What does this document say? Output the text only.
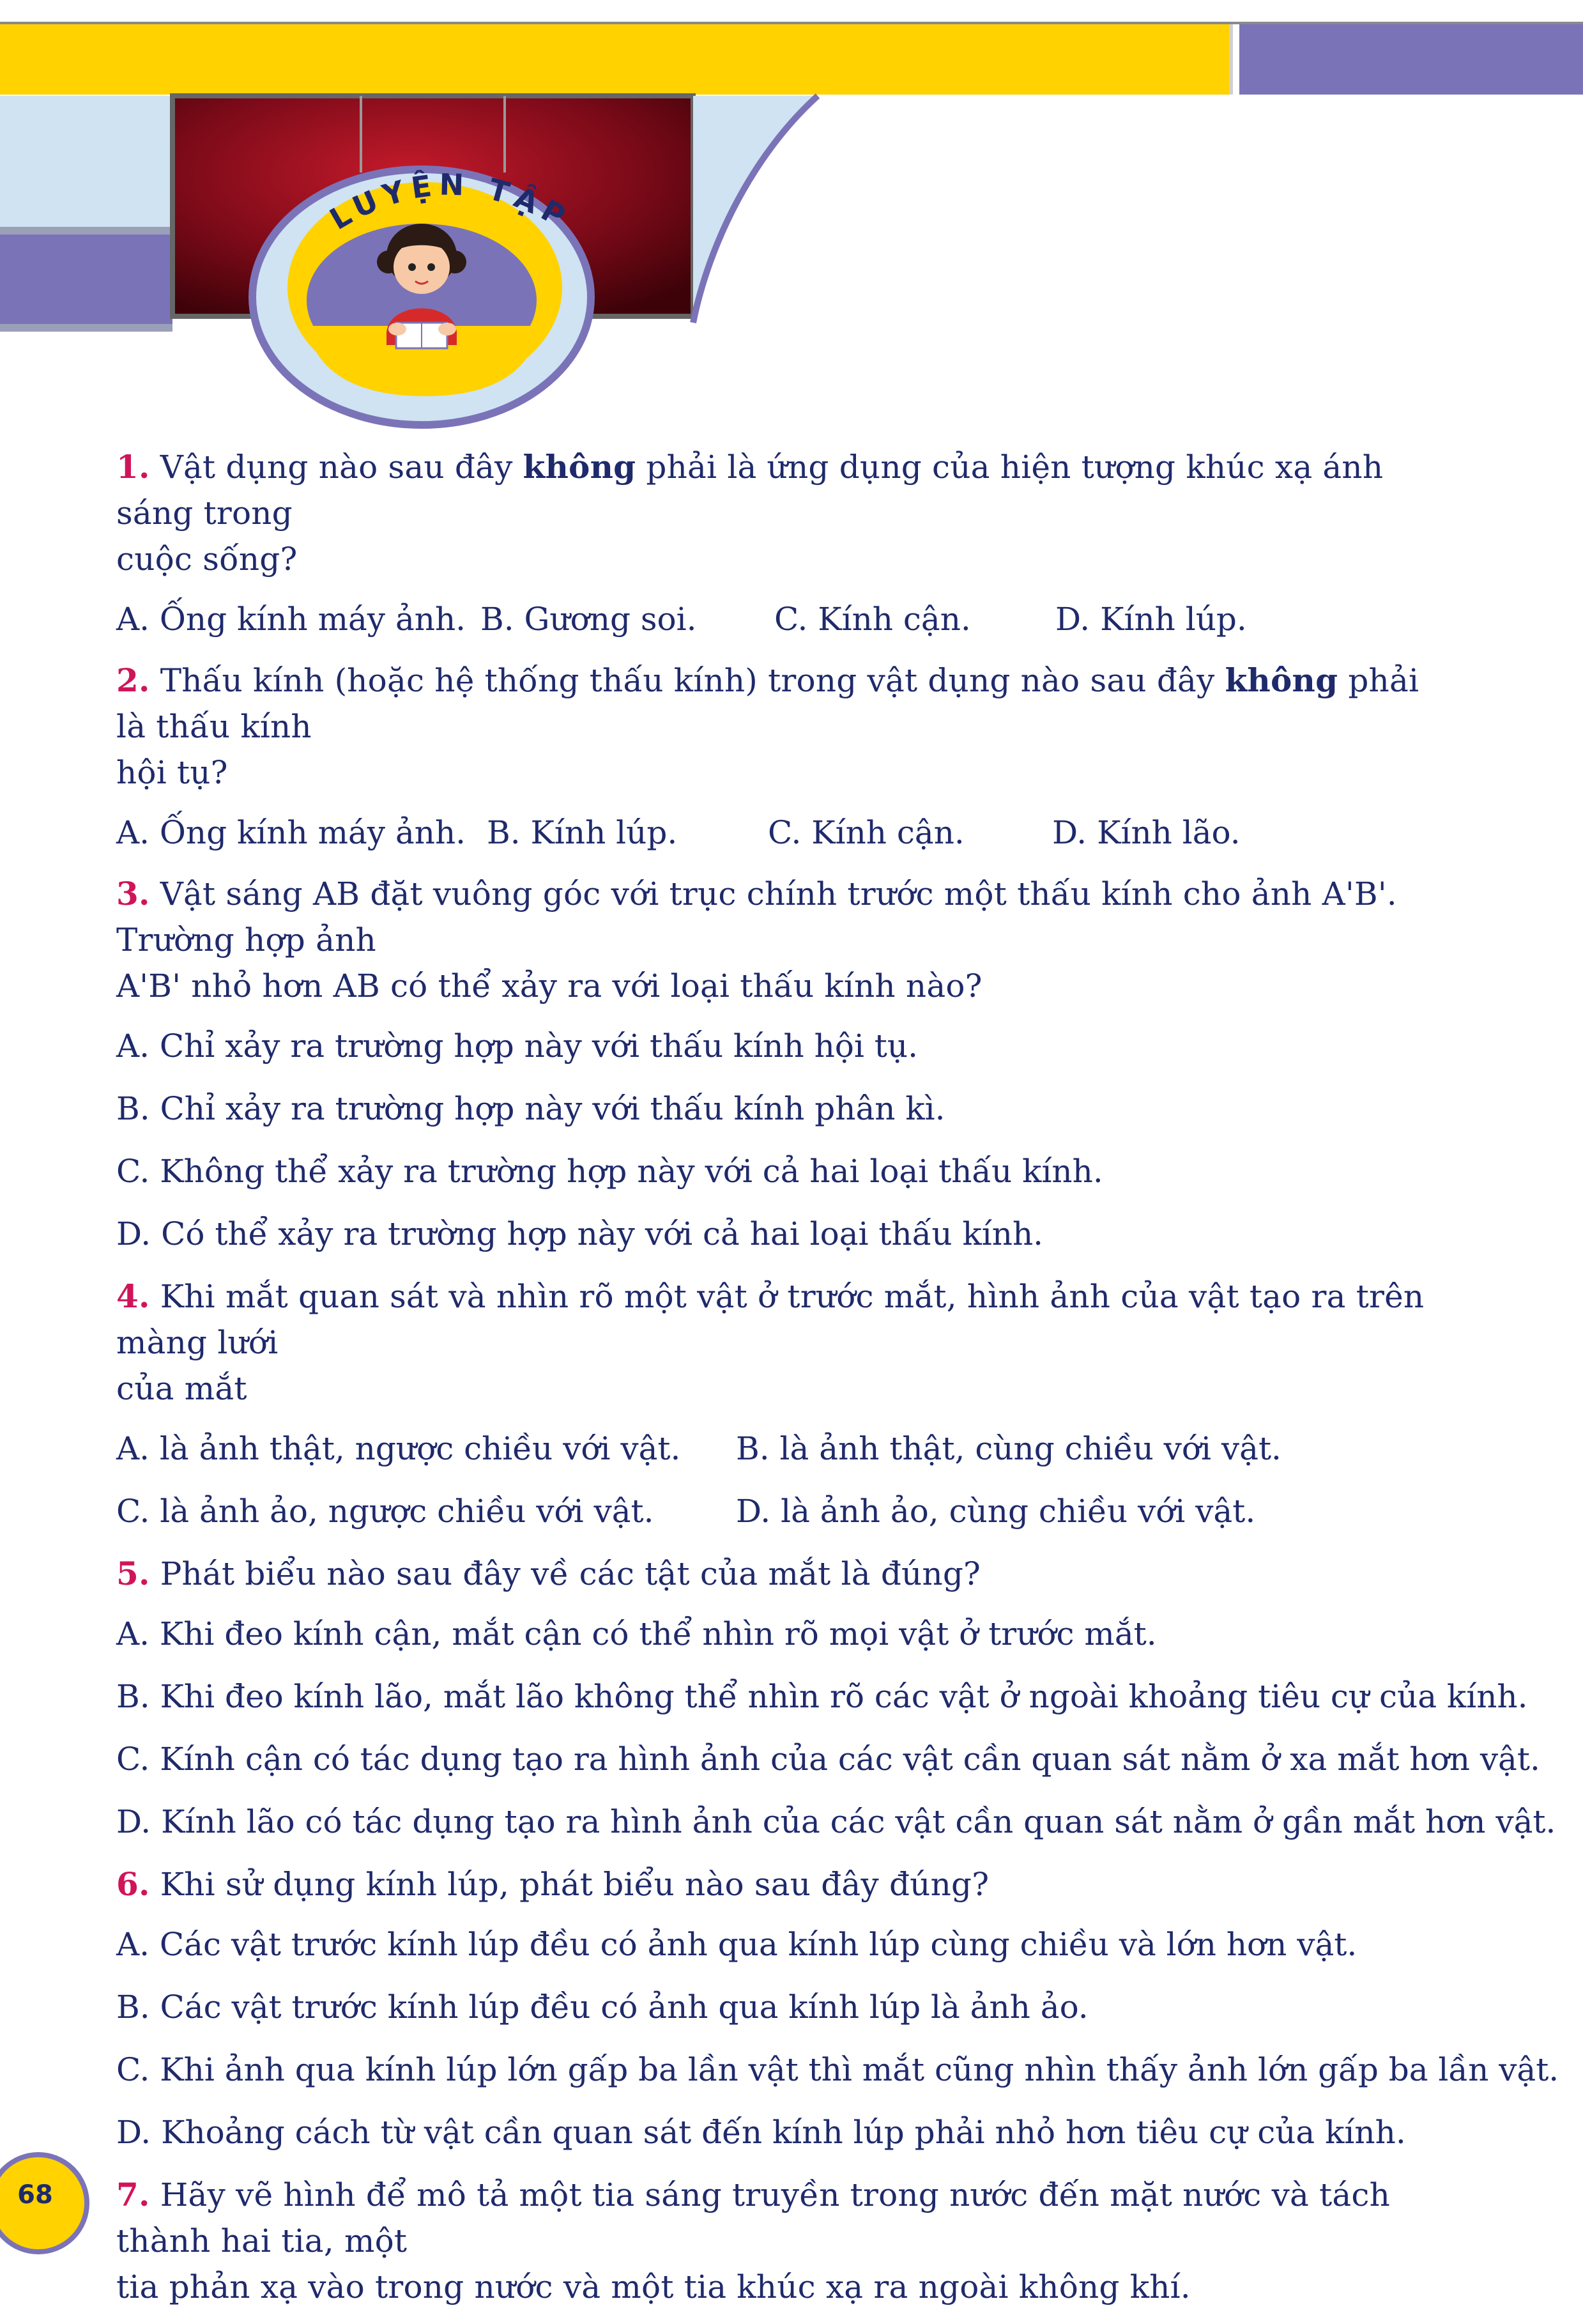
LUYỆN TẬP

1. Vật dụng nào sau đây không phải là ứng dụng của hiện tượng khúc xạ ánh sáng trong

cuộc sống?

A. Ống kính máy ảnh. B. Gương soi.	C. Kính cận.	D. Kính lúp.

2. Thấu kính (hoặc hệ thống thấu kính) trong vật dụng nào sau đây không phải là thấu kính

hội tụ?

A. Ống kính máy ảnh. B. Kính lúp.	C. Kính cận.	D. Kính lão.

3. Vật sáng AB đặt vuông góc với trục chính trước một thấu kính cho ảnh A'B'. Trường hợp ảnh

A'B' nhỏ hơn AB có thể xảy ra với loại thấu kính nào?

A. Chỉ xảy ra trường hợp này với thấu kính hội tụ.

B. Chỉ xảy ra trường hợp này với thấu kính phân kì.

C. Không thể xảy ra trường hợp này với cả hai loại thấu kính.

D. Có thể xảy ra trường hợp này với cả hai loại thấu kính.

4. Khi mắt quan sát và nhìn rõ một vật ở trước mắt, hình ảnh của vật tạo ra trên màng lưới

của mắt

A. là ảnh thật, ngược chiều với vật.	B. là ảnh thật, cùng chiều với vật.
C. là ảnh ảo, ngược chiều với vật.	D. là ảnh ảo, cùng chiều với vật.

5. Phát biểu nào sau đây về các tật của mắt là đúng?

A. Khi đeo kính cận, mắt cận có thể nhìn rõ mọi vật ở trước mắt.

B. Khi đeo kính lão, mắt lão không thể nhìn rõ các vật ở ngoài khoảng tiêu cự của kính.

C. Kính cận có tác dụng tạo ra hình ảnh của các vật cần quan sát nằm ở xa mắt hơn vật.

D. Kính lão có tác dụng tạo ra hình ảnh của các vật cần quan sát nằm ở gần mắt hơn vật.

6. Khi sử dụng kính lúp, phát biểu nào sau đây đúng?

A. Các vật trước kính lúp đều có ảnh qua kính lúp cùng chiều và lớn hơn vật.

B. Các vật trước kính lúp đều có ảnh qua kính lúp là ảnh ảo.

C. Khi ảnh qua kính lúp lớn gấp ba lần vật thì mắt cũng nhìn thấy ảnh lớn gấp ba lần vật.

D. Khoảng cách từ vật cần quan sát đến kính lúp phải nhỏ hơn tiêu cự của kính.

7. Hãy vẽ hình để mô tả một tia sáng truyền trong nước đến mặt nước và tách thành hai tia, một

tia phản xạ vào trong nước và một tia khúc xạ ra ngoài không khí.

68
